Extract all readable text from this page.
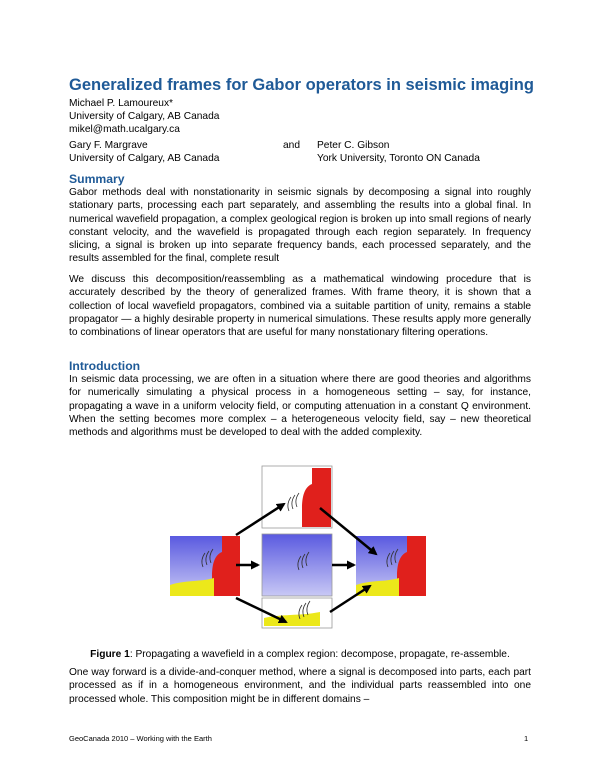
Generalized frames for Gabor operators in seismic imaging
Michael P. Lamoureux*
University of Calgary, AB Canada
mikel@math.ucalgary.ca
Gary F. Margrave
University of Calgary, AB Canada
and Peter C. Gibson
York University, Toronto ON Canada
Summary
Gabor methods deal with nonstationarity in seismic signals by decomposing a signal into roughly stationary parts, processing each part separately, and assembling the results into a global final. In numerical wavefield propagation, a complex geological region is broken up into small regions of nearly constant velocity, and the wavefield is propagated through each region separately. In frequency slicing, a signal is broken up into separate frequency bands, each processed separately, and the results assembled for the final, complete result
We discuss this decomposition/reassembling as a mathematical windowing procedure that is accurately described by the theory of generalized frames. With frame theory, it is shown that a collection of local wavefield propagators, combined via a suitable partition of unity, remains a stable propagator — a highly desirable property in numerical simulations. These results apply more generally to combinations of linear operators that are useful for many nonstationary filtering operations.
Introduction
In seismic data processing, we are often in a situation where there are good theories and algorithms for numerically simulating a physical process in a homogeneous setting – say, for instance, propagating a wave in a uniform velocity field, or computing attenuation in a constant Q environment. When the setting becomes more complex – a heterogeneous velocity field, say – new theoretical methods and algorithms must be developed to deal with the added complexity.
Figure 1: Propagating a wavefield in a complex region: decompose, propagate, re-assemble.
One way forward is a divide-and-conquer method, where a signal is decomposed into parts, each part processed as if in a homogeneous environment, and the individual parts reassembled into one processed whole. This composition might be in different domains –
GeoCanada 2010 – Working with the Earth	1
